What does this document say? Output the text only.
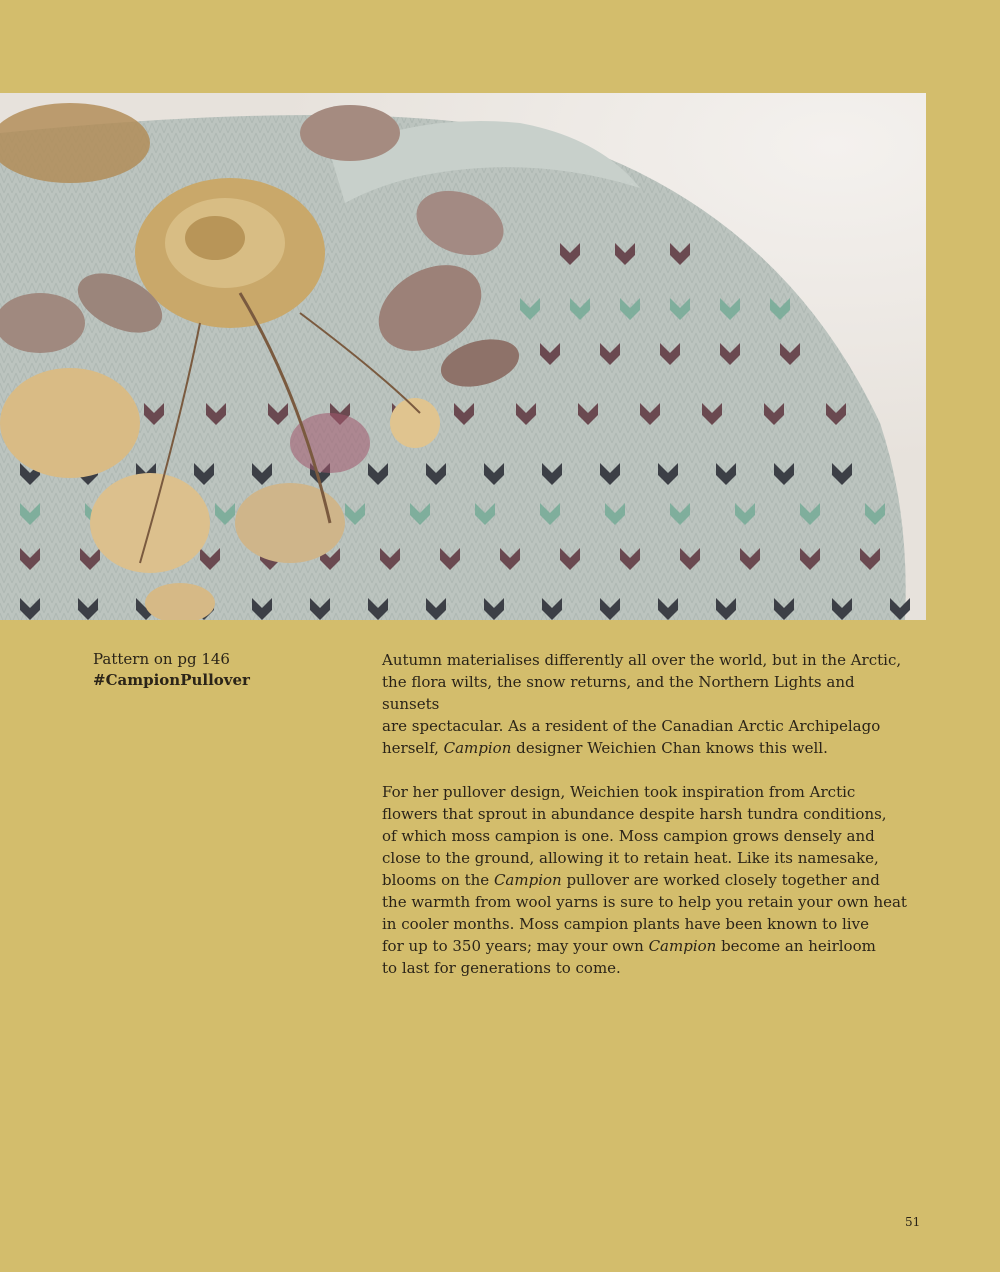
Pattern on pg 146
#CampionPullover

Autumn materialises differently all over the world, but in the Arctic,
the flora wilts, the snow returns, and the Northern Lights and sunsets
are spectacular. As a resident of the Canadian Arctic Archipelago
herself, Campion designer Weichien Chan knows this well.

For her pullover design, Weichien took inspiration from Arctic
flowers that sprout in abundance despite harsh tundra conditions,
of which moss campion is one. Moss campion grows densely and
close to the ground, allowing it to retain heat. Like its namesake,
blooms on the Campion pullover are worked closely together and
the warmth from wool yarns is sure to help you retain your own heat
in cooler months. Moss campion plants have been known to live
for up to 350 years; may your own Campion become an heirloom
to last for generations to come.

51
